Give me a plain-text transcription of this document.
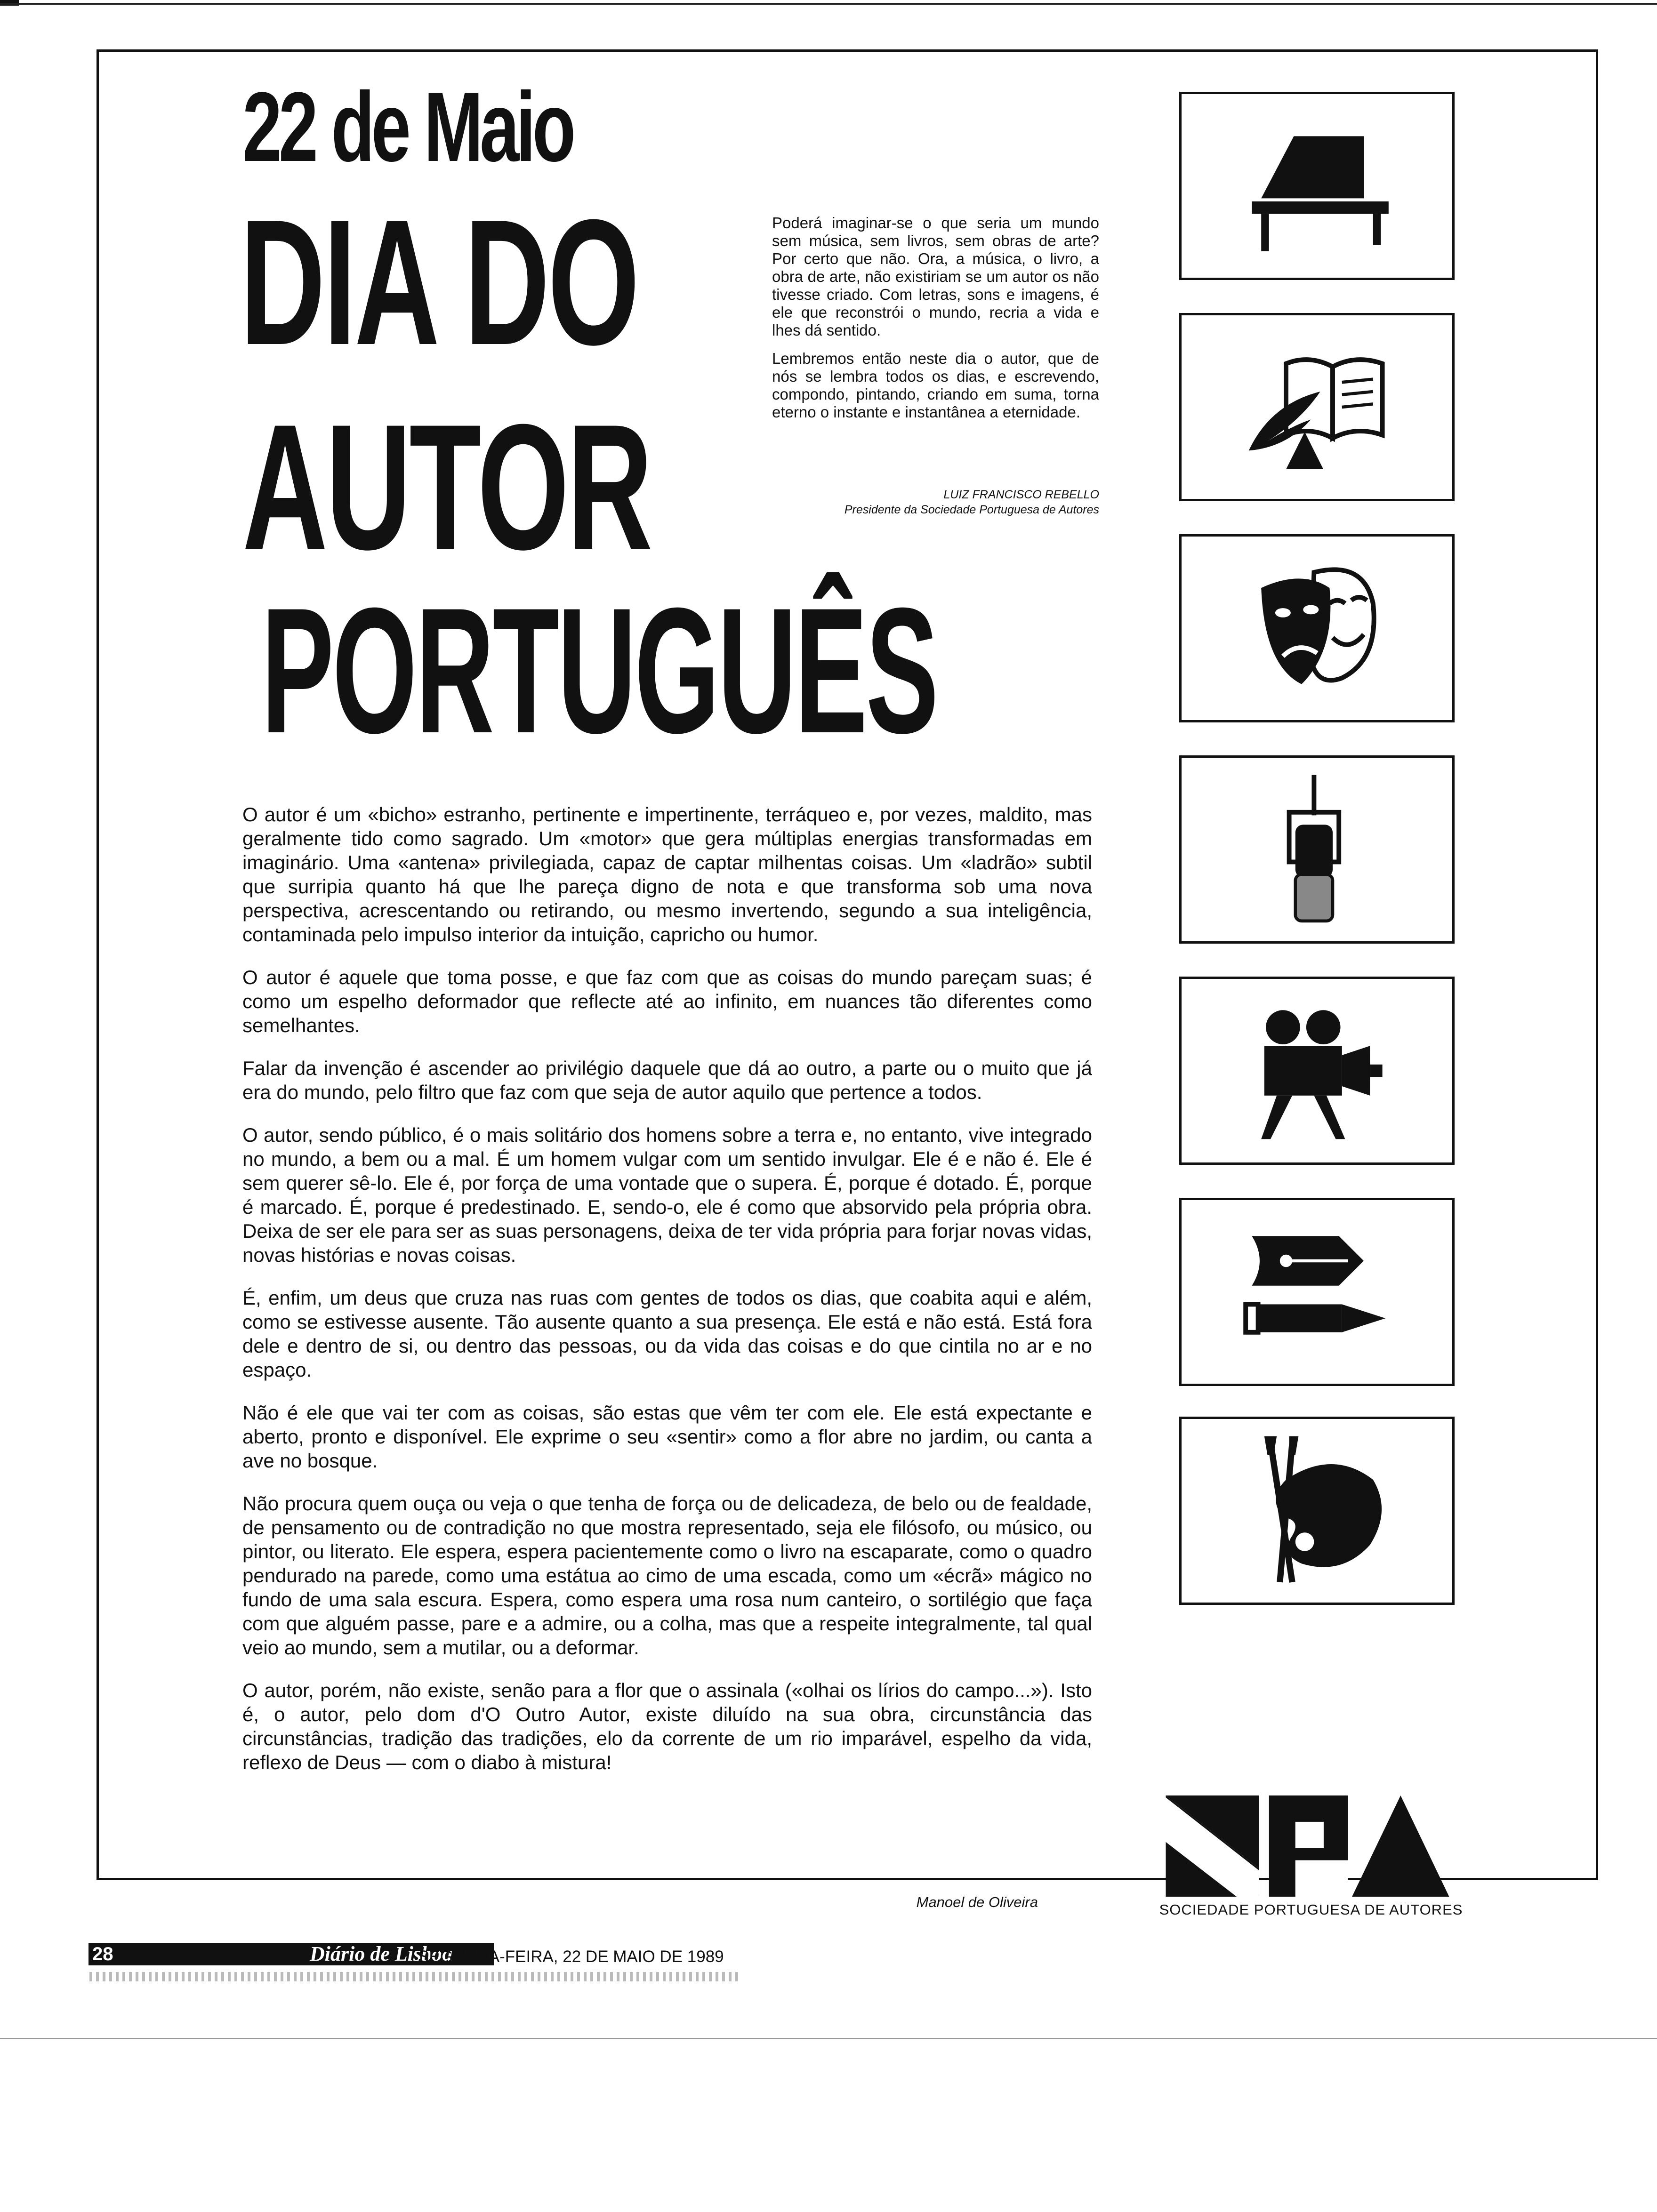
22 de Maio
DIA DO
AUTOR
PORTUGUÊS

Poderá imaginar-se o que seria um mundo sem música, sem livros, sem obras de arte? Por certo que não. Ora, a música, o livro, a obra de arte, não existiriam se um autor os não tivesse criado. Com letras, sons e imagens, é ele que reconstrói o mundo, recria a vida e lhes dá sentido.

Lembremos então neste dia o autor, que de nós se lembra todos os dias, e escrevendo, compondo, pintando, criando em suma, torna eterno o instante e instantânea a eternidade.

LUIZ FRANCISCO REBELLO
Presidente da Sociedade Portuguesa de Autores

O autor é um «bicho» estranho, pertinente e impertinente, terráqueo e, por vezes, maldito, mas geralmente tido como sagrado. Um «motor» que gera múltiplas energias transformadas em imaginário. Uma «antena» privilegiada, capaz de captar milhentas coisas. Um «ladrão» subtil que surripia quanto há que lhe pareça digno de nota e que transforma sob uma nova perspectiva, acrescentando ou retirando, ou mesmo invertendo, segundo a sua inteligência, contaminada pelo impulso interior da intuição, capricho ou humor.

O autor é aquele que toma posse, e que faz com que as coisas do mundo pareçam suas; é como um espelho deformador que reflecte até ao infinito, em nuances tão diferentes como semelhantes.

Falar da invenção é ascender ao privilégio daquele que dá ao outro, a parte ou o muito que já era do mundo, pelo filtro que faz com que seja de autor aquilo que pertence a todos.

O autor, sendo público, é o mais solitário dos homens sobre a terra e, no entanto, vive integrado no mundo, a bem ou a mal. É um homem vulgar com um sentido invulgar. Ele é e não é. Ele é sem querer sê-lo. Ele é, por força de uma vontade que o supera. É, porque é dotado. É, porque é marcado. É, porque é predestinado. E, sendo-o, ele é como que absorvido pela própria obra. Deixa de ser ele para ser as suas personagens, deixa de ter vida própria para forjar novas vidas, novas histórias e novas coisas.

É, enfim, um deus que cruza nas ruas com gentes de todos os dias, que coabita aqui e além, como se estivesse ausente. Tão ausente quanto a sua presença. Ele está e não está. Está fora dele e dentro de si, ou dentro das pessoas, ou da vida das coisas e do que cintila no ar e no espaço.

Não é ele que vai ter com as coisas, são estas que vêm ter com ele. Ele está expectante e aberto, pronto e disponível. Ele exprime o seu «sentir» como a flor abre no jardim, ou canta a ave no bosque.

Não procura quem ouça ou veja o que tenha de força ou de delicadeza, de belo ou de fealdade, de pensamento ou de contradição no que mostra representado, seja ele filósofo, ou músico, ou pintor, ou literato. Ele espera, espera pacientemente como o livro na escaparate, como o quadro pendurado na parede, como uma estátua ao cimo de uma escada, como um «écrã» mágico no fundo de uma sala escura. Espera, como espera uma rosa num canteiro, o sortilégio que faça com que alguém passe, pare e a admire, ou a colha, mas que a respeite integralmente, tal qual veio ao mundo, sem a mutilar, ou a deformar.

O autor, porém, não existe, senão para a flor que o assinala («olhai os lírios do campo...»). Isto é, o autor, pelo dom d'O Outro Autor, existe diluído na sua obra, circunstância das circunstâncias, tradição das tradições, elo da corrente de um rio imparável, espelho da vida, reflexo de Deus — com o diabo à mistura!

Manoel de Oliveira	SOCIEDADE PORTUGUESA DE AUTORES
28	Diário de Lisboa
SEGUNDA-FEIRA, 22 DE MAIO DE 1989
